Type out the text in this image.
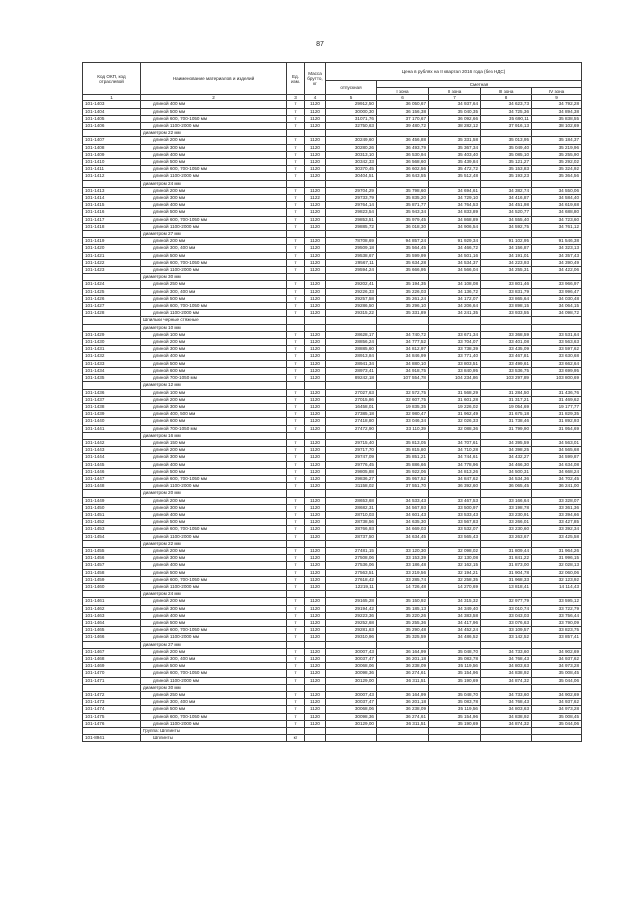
87
Код ОКП, код отраслевой	Наименование материалов и изделий	Ед. изм.	Масса брутто, кг	Цена в рублях на II квартал 2016 года (без НДС)				
				отпускная	Сметная			
					I зона	II зона	III зона	IV зона
1	2	3	4	5	6	7	8	9
101-1403	длиной 400 мм	т	1120	29912,50	36 050,67	34 937,64	34 623,73	34 792,28
101-1404	длиной 500 мм	т	1120	30000,30	36 156,38	35 040,35	34 725,36	34 894,38
101-1405	длиной 600, 700-1050 мм	т	1120	31071,76	37 170,67	36 092,66	35 690,11	35 838,55
101-1406	длиной 1100-2000 мм	т	1120	32750,63	39 480,72	38 282,12	37 916,13	38 102,69
	диаметром 22 мм							
101-1407	длиной 200 мм	т	1120	30249,60	36 456,88	35 331,58	35 013,95	35 184,37
101-1408	длиной 300 мм	т	1120	30280,26	36 493,79	35 367,34	35 049,40	35 219,96
101-1409	длиной 400 мм	т	1120	30313,10	36 530,94	35 403,40	35 085,10	35 255,90
101-1410	длиной 500 мм	т	1120	30342,33	36 568,60	35 439,84	35 121,27	35 292,02
101-1411	длиной 600, 700-1050 мм	т	1120	30370,45	36 602,56	35 472,72	35 153,83	35 324,92
101-1412	длиной 1100-2000 мм	т	1120	30404,51	36 643,55	35 512,48	35 193,23	35 364,56
	диаметром 24 мм							
101-1413	длиной 200 мм	т	1120	29704,29	35 798,60	34 694,61	34 382,74	34 550,06
101-1414	длиной 300 мм	т	1122	29733,79	35 835,20	34 729,10	34 416,87	34 584,40
101-1415	длиной 400 мм	т	1120	29764,14	35 871,77	34 764,53	34 451,98	34 619,68
101-1416	длиной 500 мм	т	1120	29823,54	35 943,34	34 833,89	34 520,77	34 688,80
101-1417	длиной 600, 700-1050 мм	т	1120	29853,51	35 979,45	34 868,89	34 555,40	34 723,60
101-1418	длиной 1100-2000 мм	т	1120	29885,72	36 018,30	34 906,54	34 592,75	34 761,12
	диаметром 27 мм							
101-1419	длиной 200 мм	т	1120	78708,69	94 857,24	91 929,34	91 102,95	91 546,38
101-1420	длиной 300, 400 мм	т	1120	29509,18	35 564,45	34 466,72	34 156,87	34 323,13
101-1421	длиной 500 мм	т	1120	29538,67	35 599,99	34 501,16	34 191,01	34 357,43
101-1422	длиной 600, 700-1050 мм	т	1120	29567,11	35 634,28	34 534,37	34 223,93	34 390,49
101-1423	длиной 1100-2000 мм	т	1120	29594,24	35 666,95	34 566,04	34 255,31	34 422,06
	диаметром 30 мм							
101-1424	длиной 250 мм	т	1120	29202,41	35 194,35	34 108,08	33 801,46	33 966,97
101-1425	длиной 300, 400 мм	т	1120	29226,33	35 226,03	34 136,72	33 831,79	33 996,47
101-1426	длиной 500 мм	т	1120	29257,58	35 261,24	34 172,07	33 865,64	34 030,48
101-1427	длиной 600, 700-1050 мм	т	1120	29286,50	35 296,10	34 206,64	33 898,15	34 064,15
101-1428	длиной 1100-2000 мм	т	1120	29315,22	35 331,89	34 241,35	33 933,55	34 098,72
	Шпильки черные стяжные							
	диаметром 10 мм							
101-1429	длиной 100 мм	т	1120	28628,17	34 740,72	33 671,34	33 368,59	33 531,64
101-1430	длиной 200 мм	т	1120	28856,24	34 777,52	33 704,07	33 401,08	33 563,63
101-1431	длиной 300 мм	т	1120	28885,60	34 812,97	33 738,39	33 435,09	33 597,62
101-1432	длиной 400 мм	т	1120	28913,84	34 846,99	33 771,40	33 467,81	33 630,68
101-1433	длиной 500 мм	т	1120	28941,34	34 880,10	33 803,51	33 499,61	33 662,64
101-1434	длиной 600 мм	т	1120	28973,41	34 918,75	33 840,95	33 536,75	33 699,95
101-1435	длиной 700-1050 мм	т	1120	89242,18	107 554,78	104 234,86	103 297,89	103 800,69
	диаметром 12 мм							
101-1436	длиной 100 мм	т	1120	27027,63	32 572,75	31 568,29	31 284,50	31 436,76
101-1437	длиной 200 мм	т	1120	27015,86	32 607,75	31 601,28	31 317,21	31 469,62
101-1438	длиной 300 мм	т	1120	16458,01	19 835,35	19 226,02	19 054,69	19 177,77
101-1439	длиной 400, 500 мм	т	1120	27385,18	32 980,47	31 962,49	31 675,18	31 829,35
101-1440	длиной 600 мм	т	1120	27418,80	33 046,34	32 026,33	31 738,46	31 892,93
101-1441	длиной 700-1050 мм	т	1120	27472,90	33 110,39	32 088,36	31 799,90	31 954,69
	диаметром 16 мм							
101-1442	длиной 150 мм	т	1120	29715,40	35 813,05	34 707,61	34 395,59	34 563,01
101-1443	длиной 200 мм	т	1120	29717,70	35 815,80	34 710,28	34 398,25	34 565,68
101-1444	длиной 300 мм	т	1120	29747,09	35 851,21	34 744,61	34 432,27	34 599,87
101-1445	длиной 400 мм	т	1120	29776,45	35 886,66	34 778,96	34 466,30	34 634,08
101-1446	длиной 500 мм	т	1120	29805,88	35 922,06	34 813,26	34 500,31	34 668,24
101-1447	длиной 600, 700-1050 мм	т	1120	29836,27	35 957,52	34 847,62	34 534,36	34 702,45
101-1448	длиной 1100-2000 мм	т	1120	31158,02	37 551,70	36 392,60	36 065,45	36 241,00
	диаметром 20 мм							
101-1449	длиной 200 мм	т	1120	28653,68	34 533,43	33 467,53	33 166,64	33 328,07
101-1450	длиной 300 мм	т	1120	28682,31	34 567,93	33 500,97	33 198,78	33 361,36
101-1451	длиной 400 мм	т	1120	28710,03	34 601,43	33 533,43	33 230,91	33 394,66
101-1452	длиной 500 мм	т	1120	28738,56	34 635,30	33 567,83	33 266,01	33 427,85
101-1453	длиной 600, 700-1050 мм	т	1120	28766,93	34 669,03	33 532,07	33 230,60	33 392,34
101-1454	длиной 1100-2000 мм	т	1120	28737,50	34 634,45	33 565,43	33 263,67	33 425,58
	диаметром 22 мм							
101-1455	длиной 200 мм	т	1120	27481,15	33 120,30	32 098,02	31 809,44	31 964,26
101-1456	длиной 300 мм	т	1120	27508,06	33 153,39	32 130,08	31 841,22	31 996,15
101-1457	длиной 400 мм	т	1120	27536,06	33 186,48	32 162,15	31 873,00	32 028,13
101-1458	длиной 500 мм	т	1120	27563,51	33 219,56	32 194,21	31 904,78	32 060,06
101-1459	длиной 600, 700-1050 мм	т	1120	27618,42	33 285,74	32 258,35	31 968,33	32 123,92
101-1460	длиной 1100-2000 мм	т	1120	12219,11	14 726,48	14 270,69	13 818,41	14 114,43
	диаметром 24 мм							
101-1461	длиной 200 мм	т	1120	29165,28	35 150,92	34 315,32	32 977,79	33 595,12
101-1462	длиной 300 мм	т	1120	29194,42	35 185,13	34 349,40	33 010,74	33 722,79
101-1463	длиной 400 мм	т	1120	29223,36	35 220,26	34 383,58	33 043,03	33 756,44
101-1464	длиной 500 мм	т	1120	29252,68	35 255,36	34 417,96	33 076,63	33 790,09
101-1465	длиной 600, 700-1050 мм	т	1120	29281,63	35 290,48	34 452,24	33 109,57	33 823,75
101-1466	длиной 1100-2000 мм	т	1120	29310,96	35 325,59	34 486,52	33 142,52	33 857,41
	диаметром 27 мм							
101-1467	длиной 200 мм	т	1120	30007,43	36 164,99	35 048,70	34 733,60	34 902,69
101-1468	длиной 300, 400 мм	т	1120	30037,47	36 201,18	35 083,78	34 768,43	34 937,62
101-1469	длиной 500 мм	т	1120	30068,06	36 238,09	35 119,56	34 803,63	34 973,28
101-1470	длиной 600, 700-1050 мм	т	1120	30098,36	36 274,61	35 154,96	34 838,92	35 008,45
101-1471	длиной 1100-2000 мм	т	1120	30129,00	36 311,51	35 190,69	34 874,32	35 044,06
	диаметром 30 мм							
101-1472	длиной 250 мм	т	1120	30007,43	36 164,99	35 048,70	34 733,60	34 902,69
101-1473	длиной 300, 400 мм	т	1120	30037,47	36 201,18	35 083,78	34 768,43	34 937,62
101-1474	длиной 500 мм	т	1120	30068,06	36 238,09	35 119,56	34 803,63	34 973,28
101-1475	длиной 600, 700-1050 мм	т	1120	30098,36	36 274,61	35 154,96	34 838,92	35 008,45
101-1476	длиной 1100-2000 мм	т	1120	30129,00	36 311,51	35 190,69	34 874,32	35 044,06
	Группа: Шплинты							
101-8941	Шплинты	кг						
